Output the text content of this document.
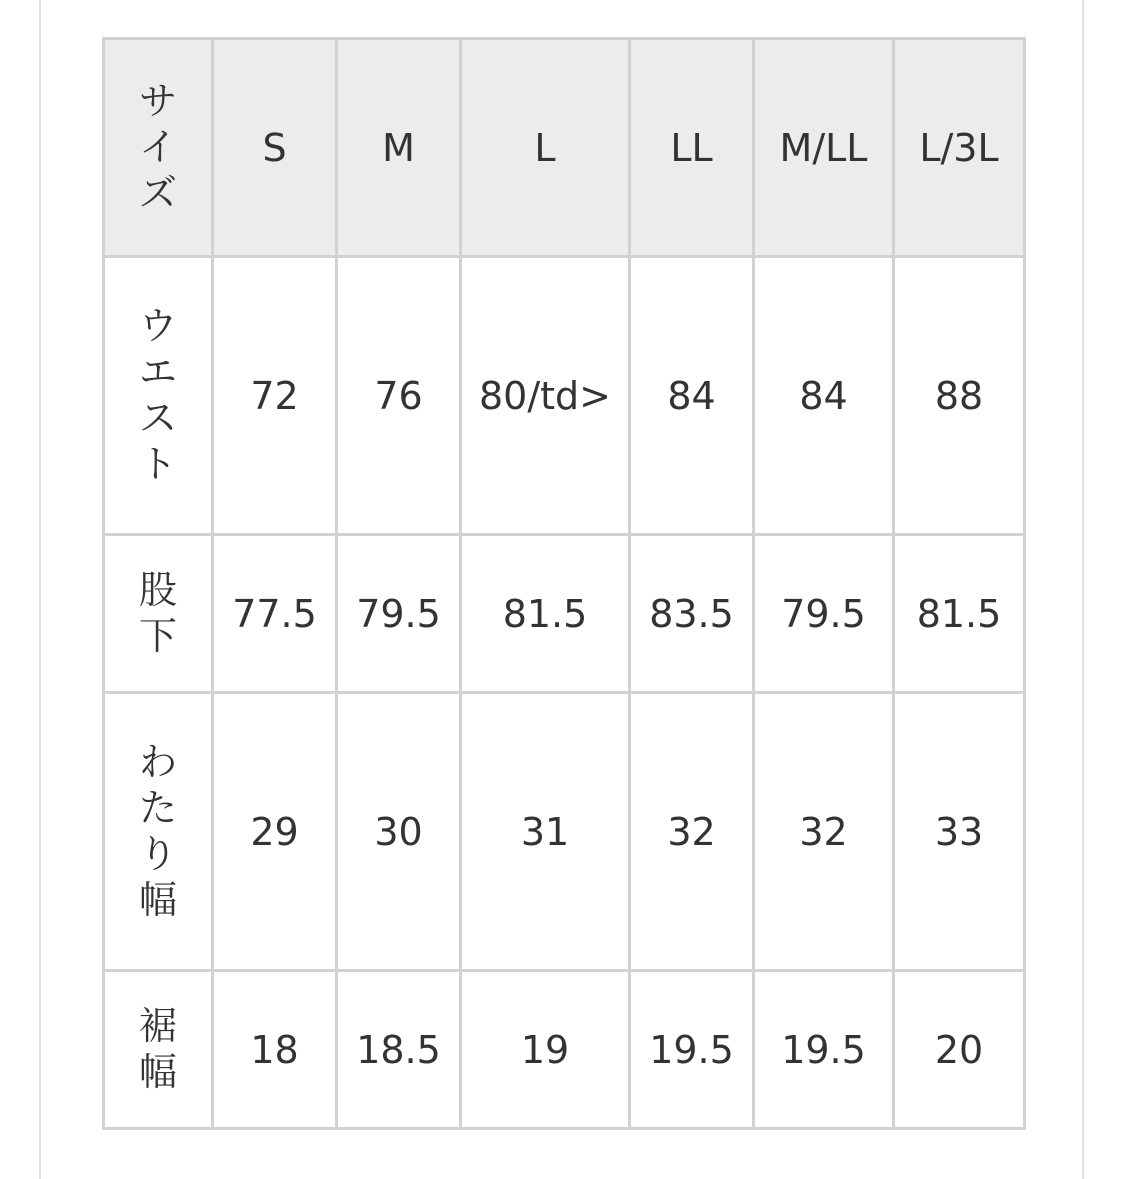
サ
イ
ズ	S	M	L	LL	M/LL	L/3L

ウ
エ
ス
ト	72	76	80/td>	84	84	88

股
下	77.5	79.5	81.5	83.5	79.5	81.5

わ
た
り
幅	29	30	31	32	32	33

裾
幅	18	18.5	19	19.5	19.5	20
